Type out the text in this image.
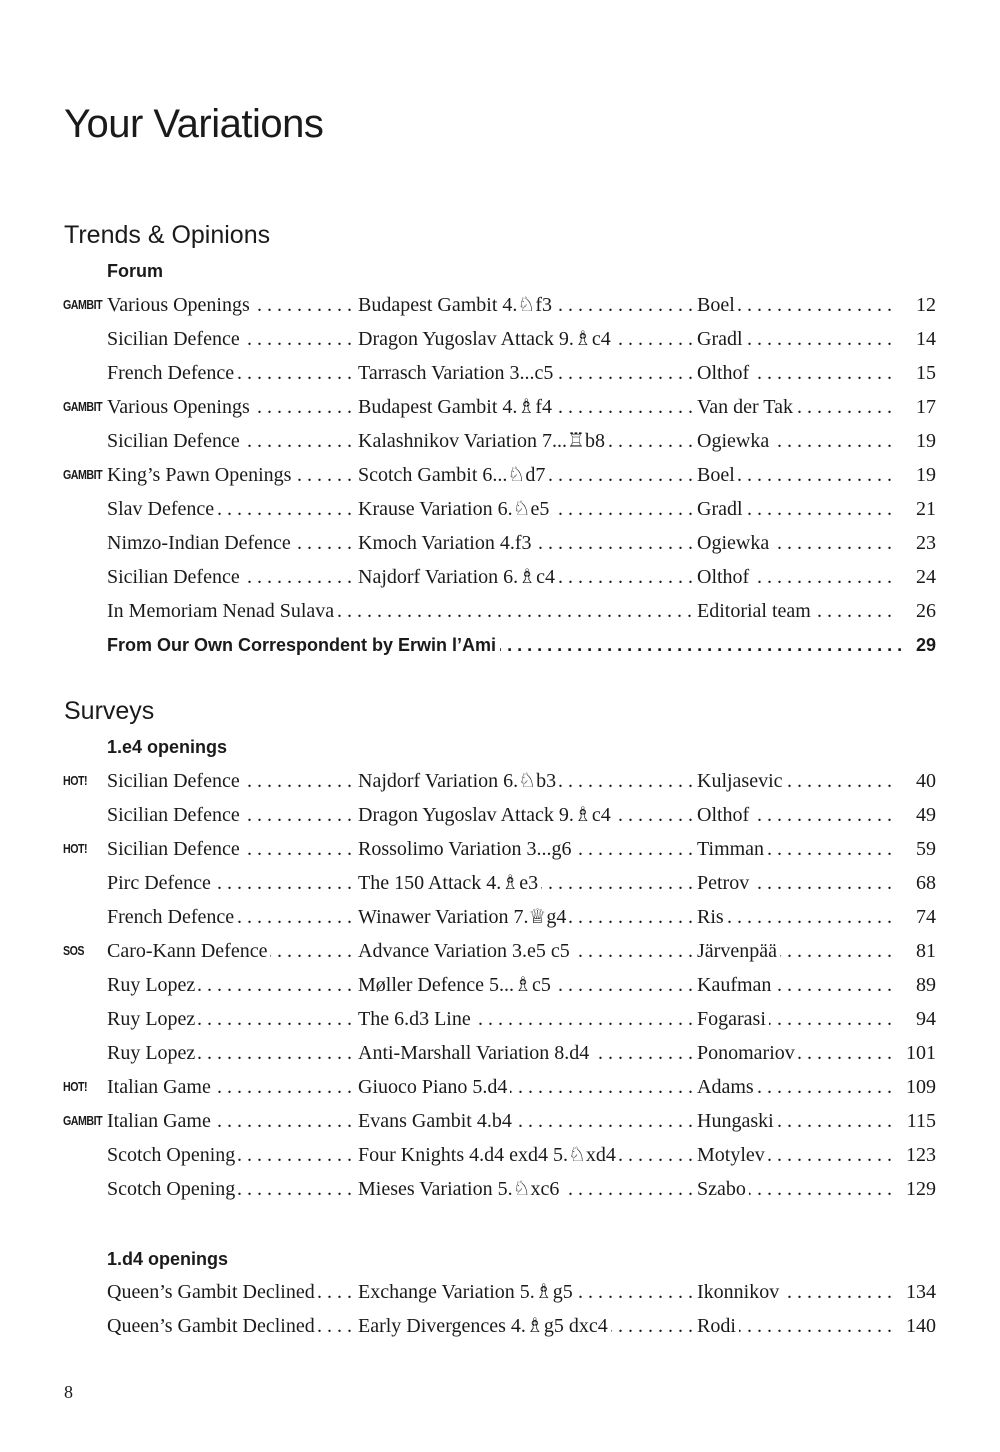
Your Variations
Trends & Opinions
Forum
GAMBIT Various Openings . . .	Budapest Gambit 4.♘f3 . . .	Boel . . .	12
Sicilian Defence . . .	Dragon Yugoslav Attack 9.♗c4 . . .	Gradl . . .	14
French Defence . . .	Tarrasch Variation 3...c5 . . .	Olthof . . .	15
GAMBIT Various Openings . . .	Budapest Gambit 4.♗f4 . . .	Van der Tak . . .	17
Sicilian Defence . . .	Kalashnikov Variation 7...♖b8 . . .	Ogiewka . . .	19
GAMBIT King’s Pawn Openings . . .	Scotch Gambit 6...♘d7 . . .	Boel . . .	19
Slav Defence . . .	Krause Variation 6.♘e5 . . .	Gradl . . .	21
Nimzo-Indian Defence . . .	Kmoch Variation 4.f3 . . .	Ogiewka . . .	23
Sicilian Defence . . .	Najdorf Variation 6.♗c4 . . .	Olthof . . .	24
In Memoriam Nenad Sulava . . .	Editorial team . . .	26
From Our Own Correspondent by Erwin l’Ami . . .	29
Surveys
1.e4 openings
HOT! Sicilian Defence . . .	Najdorf Variation 6.♘b3 . . .	Kuljasevic . . .	40
Sicilian Defence . . .	Dragon Yugoslav Attack 9.♗c4 . . .	Olthof . . .	49
HOT! Sicilian Defence . . .	Rossolimo Variation 3...g6 . . .	Timman . . .	59
Pirc Defence . . .	The 150 Attack 4.♗e3 . . .	Petrov . . .	68
French Defence . . .	Winawer Variation 7.♕g4 . . .	Ris . . .	74
SOS	Caro-Kann Defence . . .	Advance Variation 3.e5 c5 . . .	Järvenpää . . .	81
Ruy Lopez . . .	Møller Defence 5...♗c5 . . .	Kaufman . . .	89
Ruy Lopez . . .	The 6.d3 Line . . .	Fogarasi . . .	94
Ruy Lopez . . .	Anti-Marshall Variation 8.d4 . . .	Ponomariov . . .	101
HOT! Italian Game . . .	Giuoco Piano 5.d4 . . .	Adams . . .	109
GAMBIT Italian Game . . .	Evans Gambit 4.b4 . . .	Hungaski . . .	115
Scotch Opening . . .	Four Knights 4.d4 exd4 5.♘xd4 . . .	Motylev . . .	123
Scotch Opening . . .	Mieses Variation 5.♘xc6 . . .	Szabo . . .	129
1.d4 openings
Queen’s Gambit Declined . . .	Exchange Variation 5.♗g5 . . .	Ikonnikov . . .	134
Queen’s Gambit Declined . . .	Early Divergences 4.♗g5 dxc4 . . .	Rodi . . .	140
8
